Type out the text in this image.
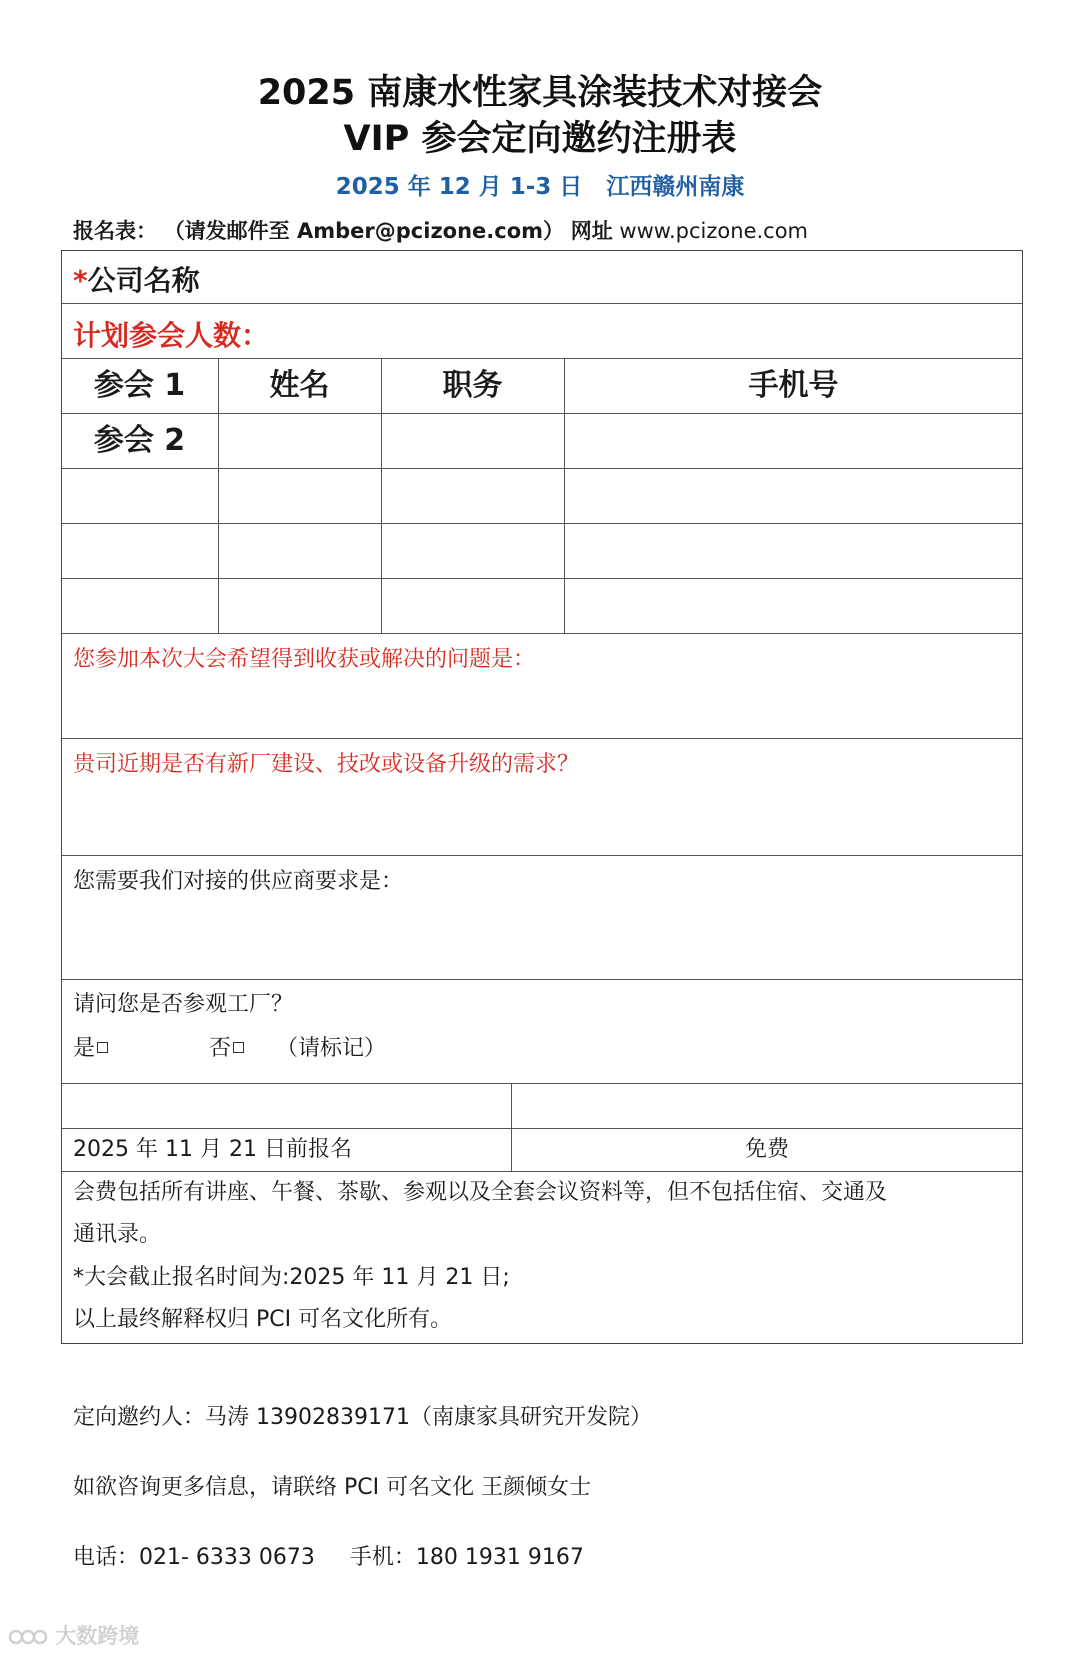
2025 南康水性家具涂装技术对接会
VIP 参会定向邀约注册表
2025 年 12 月 1-3 日 江西赣州南康
报名表： （请发邮件至 Amber@pcizone.com） 网址 www.pcizone.com
*公司名称
计划参会人数：
参会 1	姓名	职务	手机号
参会 2
您参加本次大会希望得到收获或解决的问题是：
贵司近期是否有新厂建设、技改或设备升级的需求？
您需要我们对接的供应商要求是：
请问您是否参观工厂？
是	否	（请标记）
2025 年 11 月 21 日前报名	免费
会费包括所有讲座、午餐、茶歇、参观以及全套会议资料等，但不包括住宿、交通及
通讯录。
*大会截止报名时间为:2025 年 11 月 21 日;
以上最终解释权归 PCI 可名文化所有。
定向邀约人：马涛 13902839171（南康家具研究开发院）
如欲咨询更多信息，请联络 PCI 可名文化 王颜倾女士
电话：021- 6333 0673     手机：180 1931 9167
大数跨境
